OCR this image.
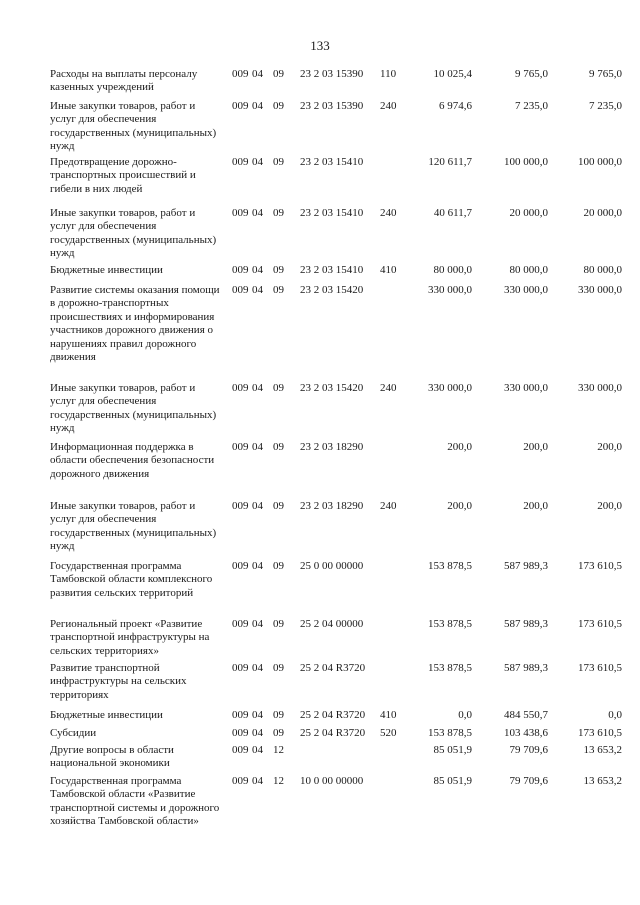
133
Расходы на выплаты персоналу казенных учреждений
009 04 09 23 2 03 15390 110	10 025,4	9 765,0	9 765,0
Иные закупки товаров, работ и услуг для обеспечения государственных (муниципальных) нужд
009 04 09 23 2 03 15390 240	6 974,6	7 235,0	7 235,0
Предотвращение дорожно-транспортных происшествий и гибели в них людей
009 04 09 23 2 03 15410	120 611,7	100 000,0	100 000,0
Иные закупки товаров, работ и услуг для обеспечения государственных (муниципальных) нужд
009 04 09 23 2 03 15410 240	40 611,7	20 000,0	20 000,0
Бюджетные инвестиции	009 04 09 23 2 03 15410 410	80 000,0	80 000,0	80 000,0
Развитие системы оказания помощи в дорожно-транспортных происшествиях и информирования участников дорожного движения о нарушениях правил дорожного движения
009 04 09 23 2 03 15420	330 000,0	330 000,0	330 000,0
Иные закупки товаров, работ и услуг для обеспечения государственных (муниципальных) нужд
009 04 09 23 2 03 15420 240	330 000,0	330 000,0	330 000,0
Информационная поддержка в области обеспечения безопасности дорожного движения
009 04 09 23 2 03 18290	200,0	200,0	200,0
Иные закупки товаров, работ и услуг для обеспечения государственных (муниципальных) нужд
009 04 09 23 2 03 18290 240	200,0	200,0	200,0
Государственная программа Тамбовской области комплексного развития сельских территорий
009 04 09 25 0 00 00000	153 878,5	587 989,3	173 610,5
Региональный проект «Развитие транспортной инфраструктуры на сельских территориях»
009 04 09 25 2 04 00000	153 878,5	587 989,3	173 610,5
Развитие транспортной инфраструктуры на сельских территориях
009 04 09 25 2 04 R3720	153 878,5	587 989,3	173 610,5
Бюджетные инвестиции	009 04 09 25 2 04 R3720 410	0,0	484 550,7	0,0
Субсидии	009 04 09 25 2 04 R3720 520	153 878,5	103 438,6	173 610,5
Другие вопросы в области национальной экономики
009 04 12	85 051,9	79 709,6	13 653,2
Государственная программа Тамбовской области «Развитие транспортной системы и дорожного хозяйства Тамбовской области»
009 04 12 10 0 00 00000	85 051,9	79 709,6	13 653,2
